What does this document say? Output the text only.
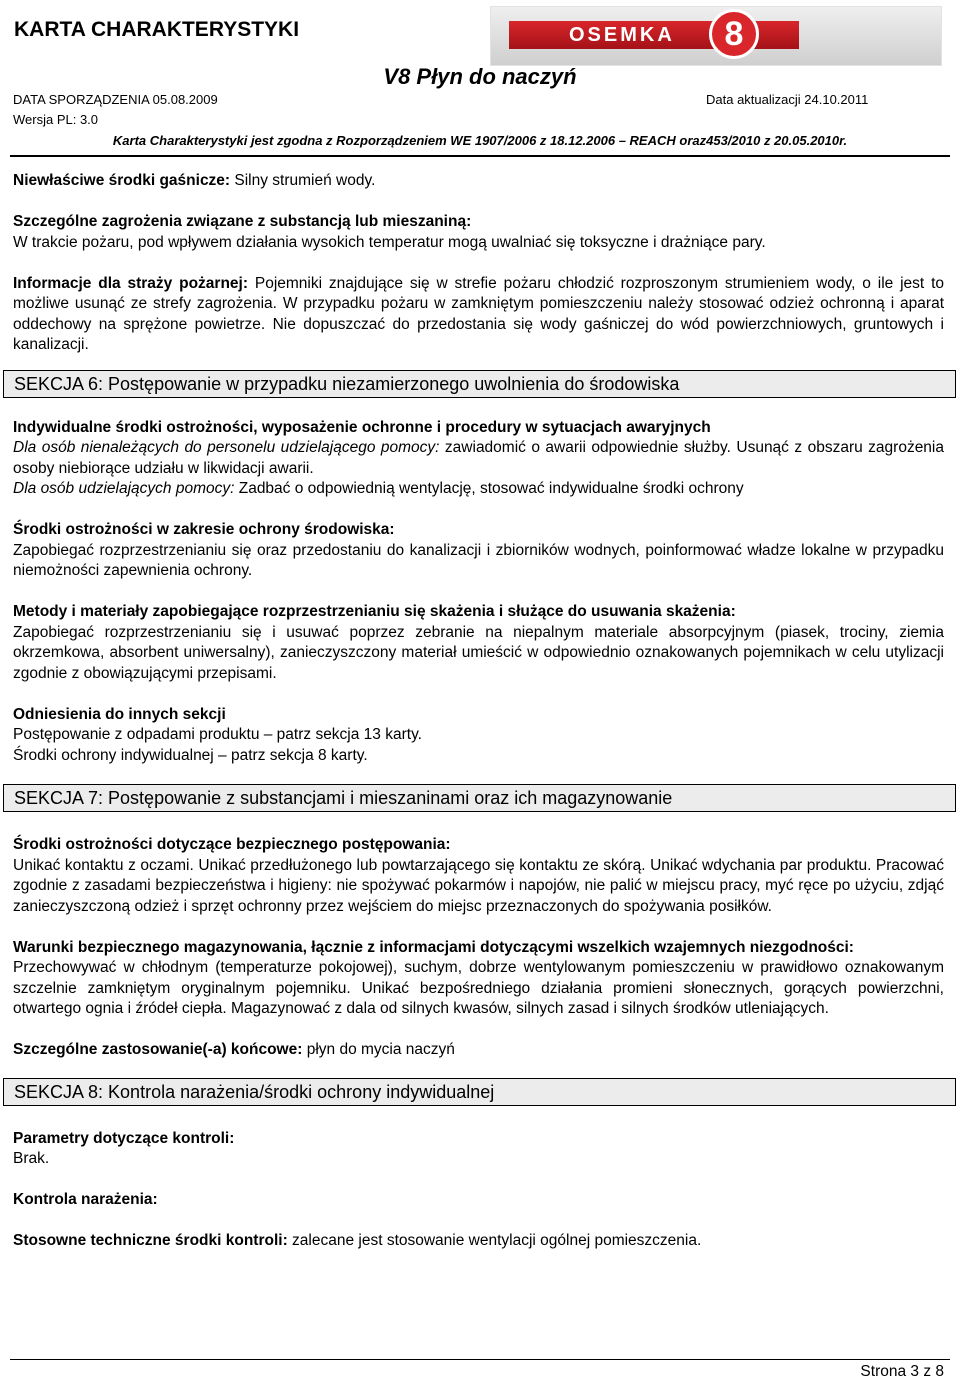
KARTA CHARAKTERYSTYKI	OSEMKA	8
V8 Płyn do naczyń
DATA SPORZĄDZENIA 05.08.2009	Data aktualizacji 24.10.2011
Wersja PL: 3.0
Karta Charakterystyki jest zgodna z Rozporządzeniem WE 1907/2006 z 18.12.2006 – REACH oraz453/2010 z 20.05.2010r.

Niewłaściwe środki gaśnicze: Silny strumień wody.

Szczególne zagrożenia związane z substancją lub mieszaniną:

W trakcie pożaru, pod wpływem działania wysokich temperatur mogą uwalniać się toksyczne i drażniące pary.

Informacje dla straży pożarnej: Pojemniki znajdujące się w strefie pożaru chłodzić rozproszonym strumieniem wody, o ile jest to możliwe usunąć ze strefy zagrożenia. W przypadku pożaru w zamkniętym pomieszczeniu należy stosować odzież ochronną i aparat oddechowy na sprężone powietrze. Nie dopuszczać do przedostania się wody gaśniczej do wód powierzchniowych, gruntowych i kanalizacji.

SEKCJA 6: Postępowanie w przypadku niezamierzonego uwolnienia do środowiska

Indywidualne środki ostrożności, wyposażenie ochronne i procedury w sytuacjach awaryjnych

Dla osób nienależących do personelu udzielającego pomocy: zawiadomić o awarii odpowiednie służby. Usunąć z obszaru zagrożenia osoby niebiorące udziału w likwidacji awarii.

Dla osób udzielających pomocy: Zadbać o odpowiednią wentylację, stosować indywidualne środki ochrony

Środki ostrożności w zakresie ochrony środowiska:

Zapobiegać rozprzestrzenianiu się oraz przedostaniu do kanalizacji i zbiorników wodnych, poinformować władze lokalne w przypadku niemożności zapewnienia ochrony.

Metody i materiały zapobiegające rozprzestrzenianiu się skażenia i służące do usuwania skażenia:

Zapobiegać rozprzestrzenianiu się i usuwać poprzez zebranie na niepalnym materiale absorpcyjnym (piasek, trociny, ziemia okrzemkowa, absorbent uniwersalny), zanieczyszczony materiał umieścić w odpowiednio oznakowanych pojemnikach w celu utylizacji zgodnie z obowiązującymi przepisami.

Odniesienia do innych sekcji

Postępowanie z odpadami produktu – patrz sekcja 13 karty.

Środki ochrony indywidualnej – patrz sekcja 8 karty.

SEKCJA 7: Postępowanie z substancjami i mieszaninami oraz ich magazynowanie

Środki ostrożności dotyczące bezpiecznego postępowania:

Unikać kontaktu z oczami. Unikać przedłużonego lub powtarzającego się kontaktu ze skórą. Unikać wdychania par produktu. Pracować zgodnie z zasadami bezpieczeństwa i higieny: nie spożywać pokarmów i napojów, nie palić w miejscu pracy, myć ręce po użyciu, zdjąć zanieczyszczoną odzież i sprzęt ochronny przez wejściem do miejsc przeznaczonych do spożywania posiłków.

Warunki bezpiecznego magazynowania, łącznie z informacjami dotyczącymi wszelkich wzajemnych niezgodności:

Przechowywać w chłodnym (temperaturze pokojowej), suchym, dobrze wentylowanym pomieszczeniu w prawidłowo oznakowanym szczelnie zamkniętym oryginalnym pojemniku. Unikać bezpośredniego działania promieni słonecznych, gorących powierzchni, otwartego ognia i źródeł ciepła. Magazynować z dala od silnych kwasów, silnych zasad i silnych środków utleniających.

Szczególne zastosowanie(-a) końcowe: płyn do mycia naczyń

SEKCJA 8: Kontrola narażenia/środki ochrony indywidualnej

Parametry dotyczące kontroli:

Brak.

Kontrola narażenia:

Stosowne techniczne środki kontroli: zalecane jest stosowanie wentylacji ogólnej pomieszczenia.

Strona 3 z 8
